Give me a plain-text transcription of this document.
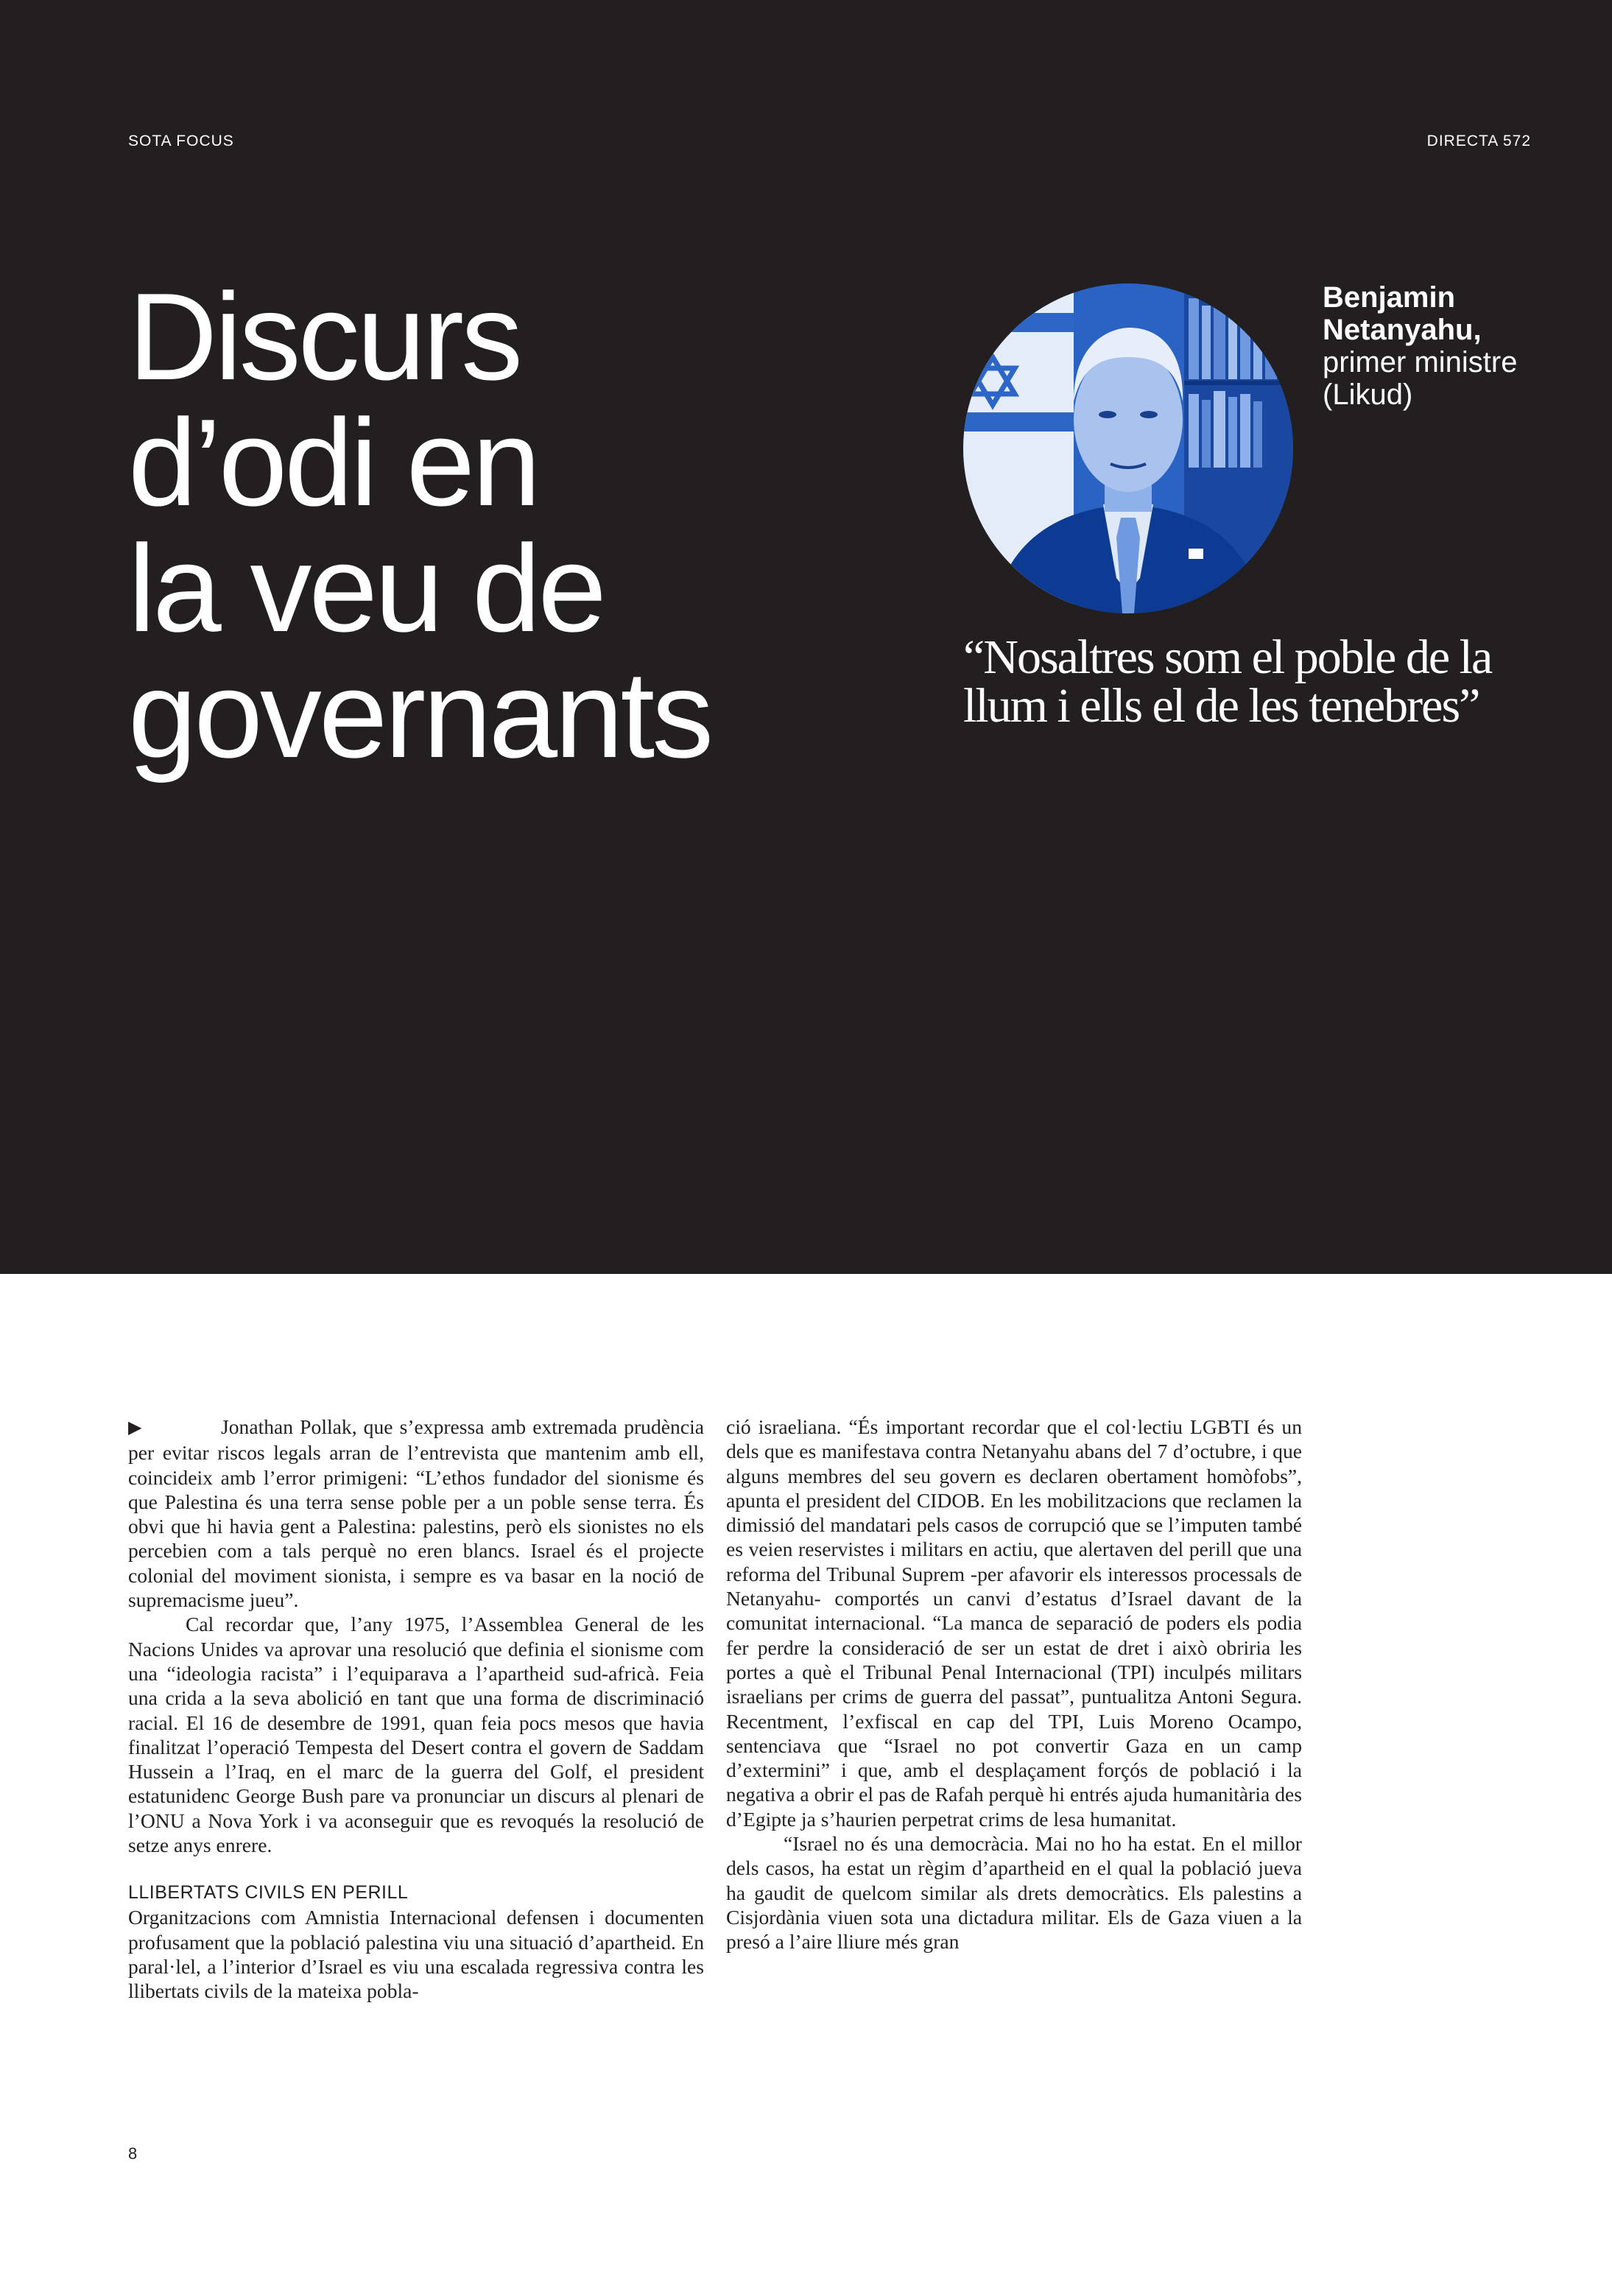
SOTA FOCUS	DIRECTA 572
Discurs
d’odi en
la veu de
governants
Benjamin
Netanyahu,
primer ministre
(Likud)
“Nosaltres som el poble de la llum i ells el de les tenebres”

▶	Jonathan Pollak, que s’expressa amb extremada prudència per evitar riscos legals arran de l’entrevista que mantenim amb ell, coincideix amb l’error primigeni: “L’ethos fundador del sionisme és que Palestina és una terra sense poble per a un poble sense terra. És obvi que hi havia gent a Palestina: palestins, però els sionistes no els percebien com a tals perquè no eren blancs. Israel és el projecte colonial del moviment sionista, i sempre es va basar en la noció de supremacisme jueu”.

Cal recordar que, l’any 1975, l’Assemblea General de les Nacions Unides va aprovar una resolució que definia el sionisme com una “ideologia racista” i l’equiparava a l’apartheid sud-africà. Feia una crida a la seva abolició en tant que una forma de discriminació racial. El 16 de desembre de 1991, quan feia pocs mesos que havia finalitzat l’operació Tempesta del Desert contra el govern de Saddam Hussein a l’Iraq, en el marc de la guerra del Golf, el president estatunidenc George Bush pare va pronunciar un discurs al plenari de l’ONU a Nova York i va aconseguir que es revoqués la resolució de setze anys enrere.

LLIBERTATS CIVILS EN PERILL

Organitzacions com Amnistia Internacional defensen i documenten profusament que la població palestina viu una situació d’apartheid. En paral·lel, a l’interior d’Israel es viu una escalada regressiva contra les llibertats civils de la mateixa pobla-

ció israeliana. “És important recordar que el col·lectiu LGBTI és un dels que es manifestava contra Netanyahu abans del 7 d’octubre, i que alguns membres del seu govern es declaren obertament homòfobs”, apunta el president del CIDOB. En les mobilitzacions que reclamen la dimissió del mandatari pels casos de corrupció que se l’imputen també es veien reservistes i militars en actiu, que alertaven del perill que una reforma del Tribunal Suprem -per afavorir els interessos processals de Netanyahu- comportés un canvi d’estatus d’Israel davant de la comunitat internacional. “La manca de separació de poders els podia fer perdre la consideració de ser un estat de dret i això obriria les portes a què el Tribunal Penal Internacional (TPI) inculpés militars israelians per crims de guerra del passat”, puntualitza Antoni Segura. Recentment, l’exfiscal en cap del TPI, Luis Moreno Ocampo, sentenciava que “Israel no pot convertir Gaza en un camp d’extermini” i que, amb el desplaçament forçós de població i la negativa a obrir el pas de Rafah perquè hi entrés ajuda humanitària des d’Egipte ja s’haurien perpetrat crims de lesa humanitat.

“Israel no és una democràcia. Mai no ho ha estat. En el millor dels casos, ha estat un règim d’apartheid en el qual la població jueva ha gaudit de quelcom similar als drets democràtics. Els palestins a Cisjordània viuen sota una dictadura militar. Els de Gaza viuen a la presó a l’aire lliure més gran

8
